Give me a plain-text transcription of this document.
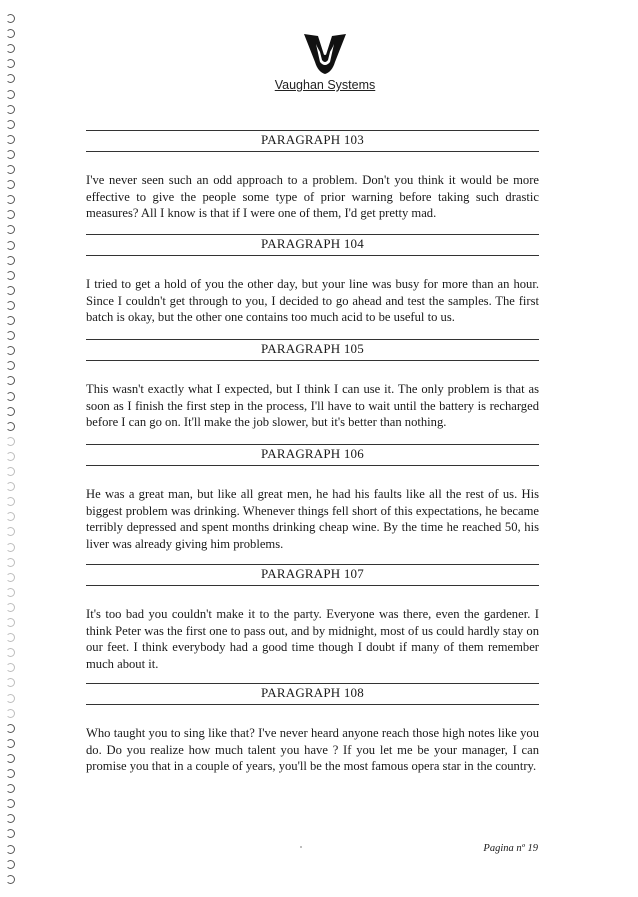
Vaughan Systems
PARAGRAPH 103
I've never seen such an odd approach to a problem. Don't you think it would be more effective to give the people some type of prior warning before taking such drastic measures? All I know is that if I were one of them, I'd get pretty mad.
PARAGRAPH 104
I tried to get a hold of you the other day, but your line was busy for more than an hour. Since I couldn't get through to you, I decided to go ahead and test the samples. The first batch is okay, but the other one contains too much acid to be useful to us.
PARAGRAPH 105
This wasn't exactly what I expected, but I think I can use it. The only problem is that as soon as I finish the first step in the process, I'll have to wait until the battery is recharged before I can go on. It'll make the job slower, but it's better than nothing.
PARAGRAPH 106
He was a great man, but like all great men, he had his faults like all the rest of us. His biggest problem was drinking. Whenever things fell short of this expectations, he became terribly depressed and spent months drinking cheap wine. By the time he reached 50, his liver was already giving him problems.
PARAGRAPH 107
It's too bad you couldn't make it to the party. Everyone was there, even the gardener. I think Peter was the first one to pass out, and by midnight, most of us could hardly stay on our feet. I think everybody had a good time though I doubt if many of them remember much about it.
PARAGRAPH 108
Who taught you to sing like that? I've never heard anyone reach those high notes like you do. Do you realize how much talent you have ? If you let me be your manager, I can promise you that in a couple of years, you'll be the most famous opera star in the country.
Pagina nº 19
